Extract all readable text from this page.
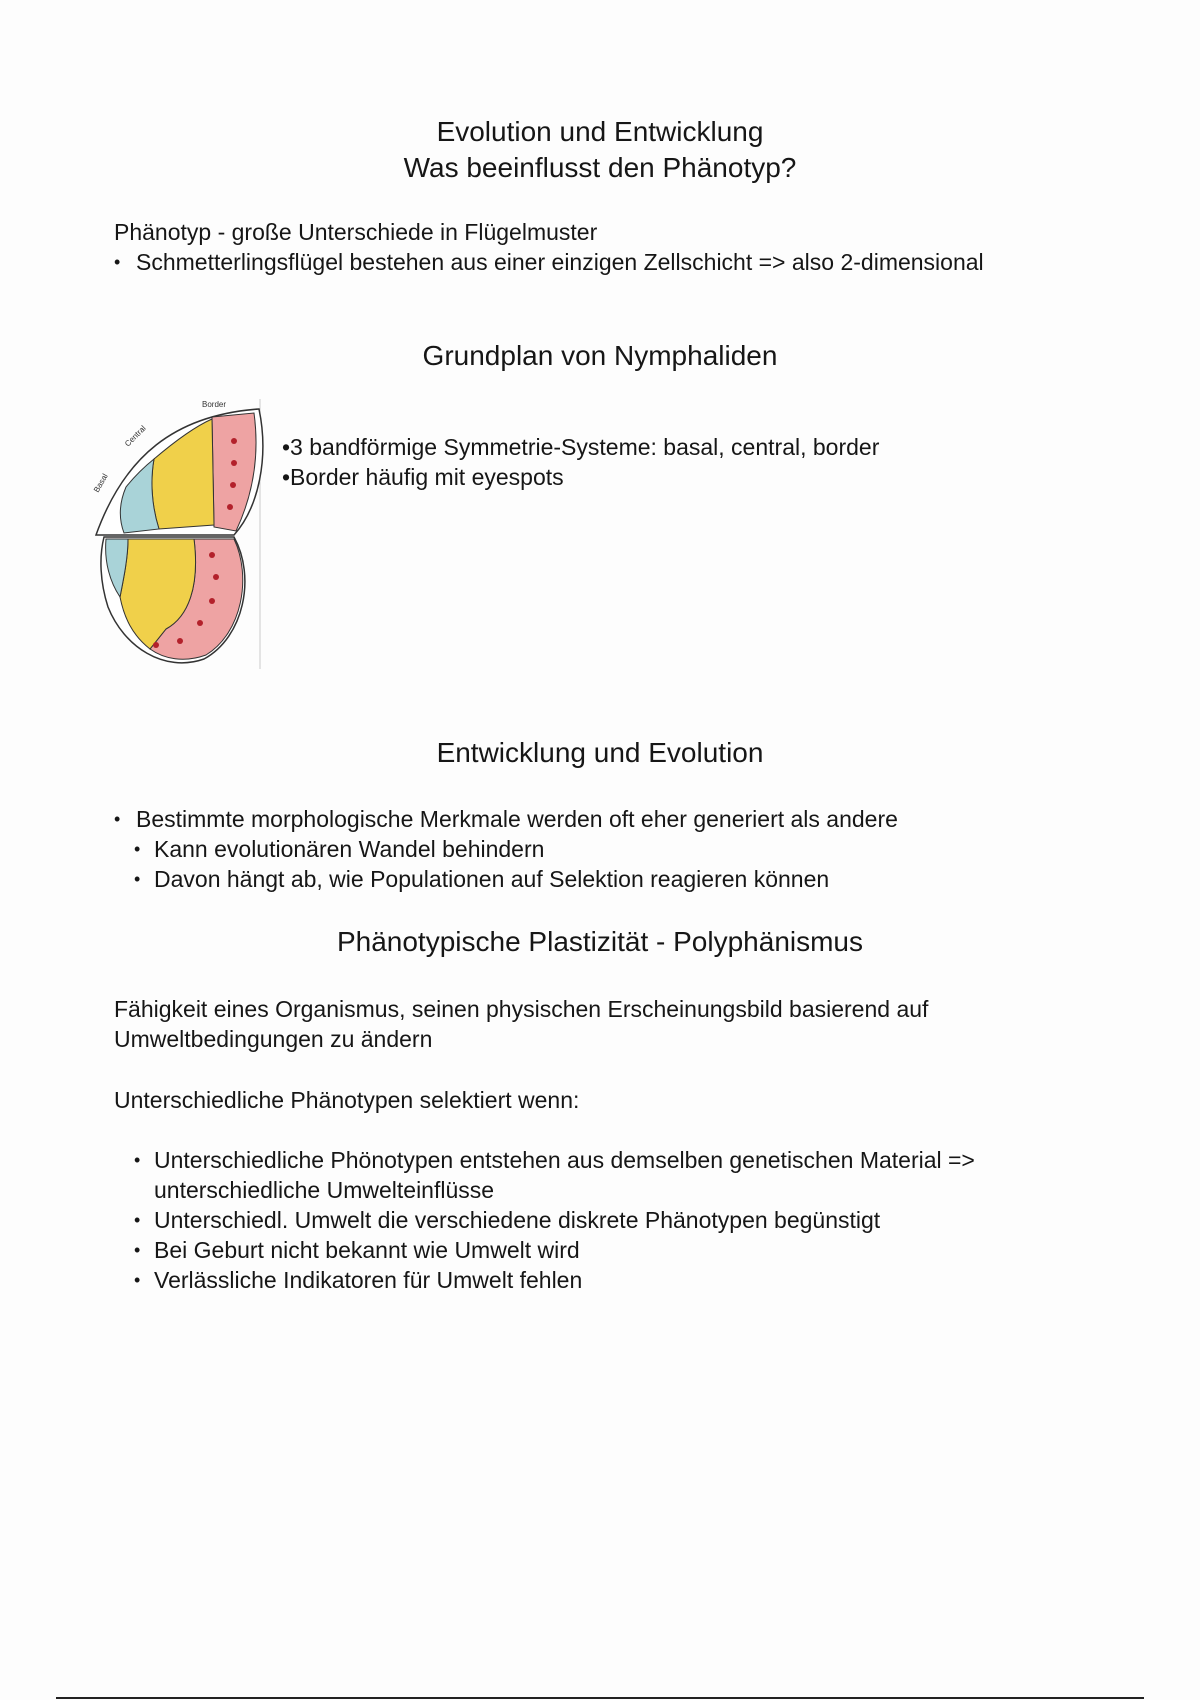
Evolution und Entwicklung
Was beeinflusst den Phänotyp?

Phänotyp - große Unterschiede in Flügelmuster

• Schmetterlingsflügel bestehen aus einer einzigen Zellschicht => also 2-dimensional
Grundplan von Nymphaliden
Border
Central
Basal

•3 bandförmige Symmetrie-Systeme: basal, central, border

•Border häufig mit eyespots

Entwicklung und Evolution
• Bestimmte morphologische Merkmale werden oft eher generiert als andere
• Kann evolutionären Wandel behindern
• Davon hängt ab, wie Populationen auf Selektion reagieren können
Phänotypische Plastizität - Polyphänismus

Fähigkeit eines Organismus, seinen physischen Erscheinungsbild basierend auf Umweltbedingungen zu ändern

Unterschiedliche Phänotypen selektiert wenn:

• Unterschiedliche Phönotypen entstehen aus demselben genetischen Material => unterschiedliche Umwelteinflüsse
• Unterschiedl. Umwelt die verschiedene diskrete Phänotypen begünstigt
• Bei Geburt nicht bekannt wie Umwelt wird
• Verlässliche Indikatoren für Umwelt fehlen
